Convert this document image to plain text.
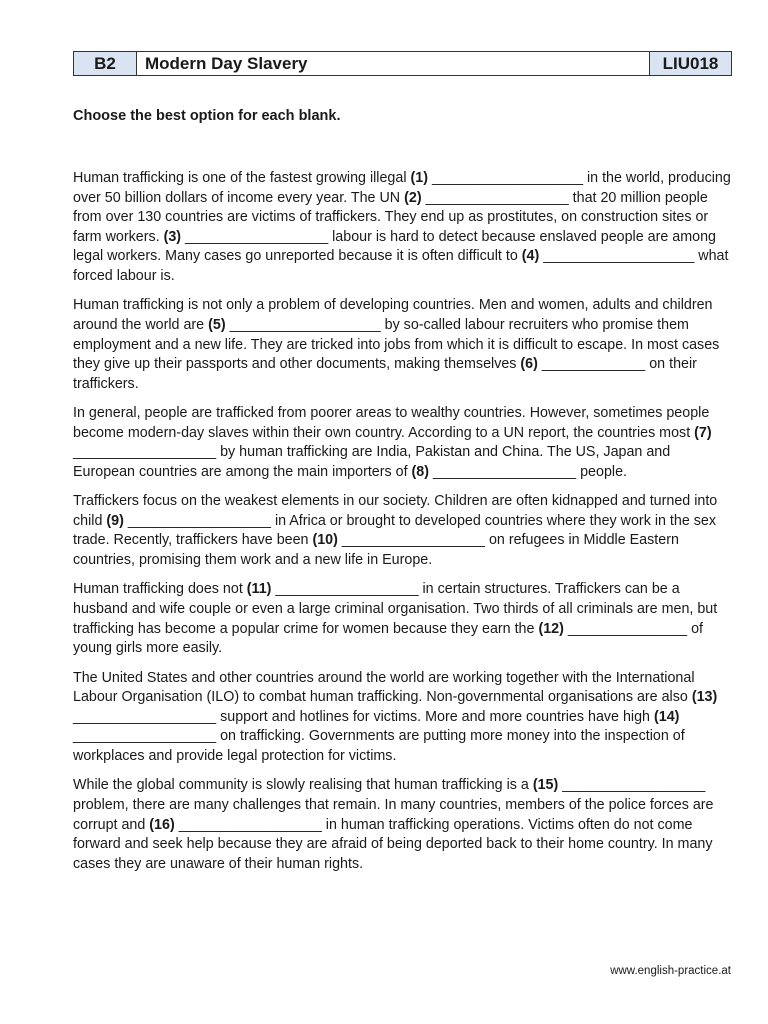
B2	Modern Day Slavery	LIU018
Choose the best option for each blank.

Human trafficking is one of the fastest growing illegal (1) ___________________ in the world, producing over 50 billion dollars of income every year. The UN (2) __________________ that 20 million people from over 130 countries are victims of traffickers. They end up as prostitutes, on construction sites or farm workers. (3) __________________ labour is hard to detect because enslaved people are among legal workers. Many cases go unreported because it is often difficult to (4) ___________________ what forced labour is.

Human trafficking is not only a problem of developing countries. Men and women, adults and children around the world are (5) ___________________ by so-called labour recruiters who promise them employment and a new life. They are tricked into jobs from which it is difficult to escape. In most cases they give up their passports and other documents, making themselves (6) _____________ on their traffickers.

In general, people are trafficked from poorer areas to wealthy countries. However, sometimes people become modern-day slaves within their own country. According to a UN report, the countries most (7) __________________ by human trafficking are India, Pakistan and China. The US, Japan and European countries are among the main importers of (8) __________________ people.

Traffickers focus on the weakest elements in our society. Children are often kidnapped and turned into child (9) __________________ in Africa or brought to developed countries where they work in the sex trade. Recently, traffickers have been (10) __________________ on refugees in Middle Eastern countries, promising them work and a new life in Europe.

Human trafficking does not (11) __________________ in certain structures. Traffickers can be a husband and wife couple or even a large criminal organisation. Two thirds of all criminals are men, but trafficking has become a popular crime for women because they earn the (12) _______________ of young girls more easily.

The United States and other countries around the world are working together with the International Labour Organisation (ILO) to combat human trafficking. Non-governmental organisations are also (13) __________________ support and hotlines for victims. More and more countries have high (14) __________________ on trafficking. Governments are putting more money into the inspection of workplaces and provide legal protection for victims.

While the global community is slowly realising that human trafficking is a (15) __________________ problem, there are many challenges that remain. In many countries, members of the police forces are corrupt and (16) __________________ in human trafficking operations. Victims often do not come forward and seek help because they are afraid of being deported back to their home country. In many cases they are unaware of their human rights.

www.english-practice.at
